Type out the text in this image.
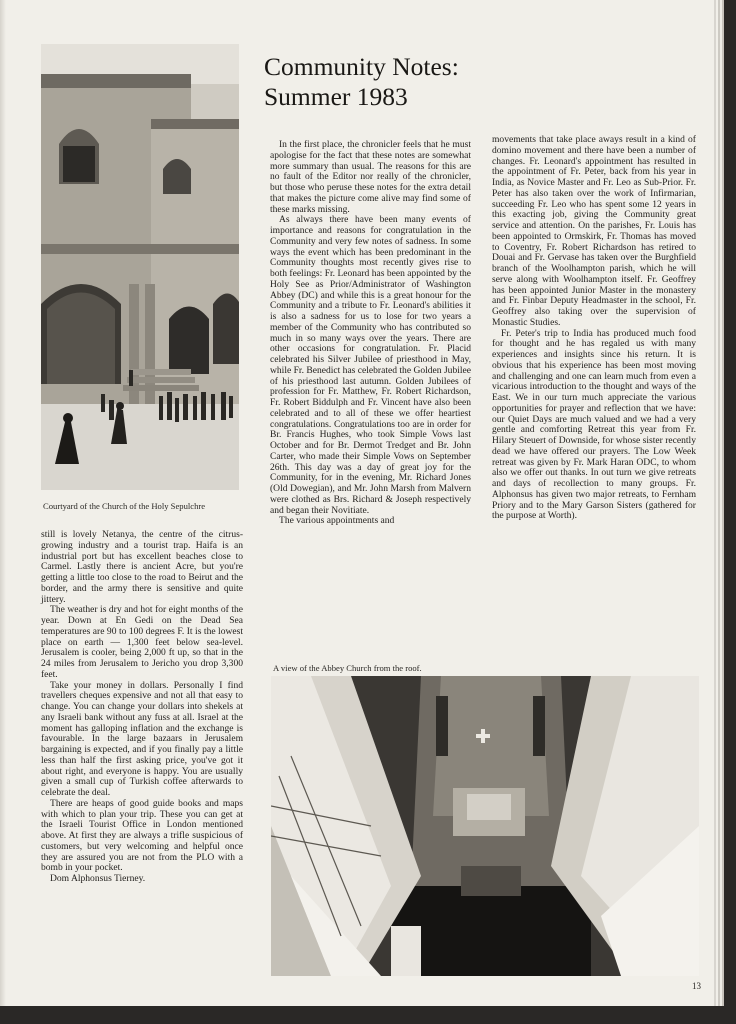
Courtyard of the Church of the Holy Sepulchre
Community Notes:
Summer 1983

still is lovely Netanya, the centre of the citrus-growing industry and a tourist trap. Haifa is an industrial port but has excellent beaches close to Carmel. Lastly there is ancient Acre, but you're getting a little too close to the road to Beirut and the border, and the army there is sensitive and quite jittery.

The weather is dry and hot for eight months of the year. Down at En Gedi on the Dead Sea temperatures are 90 to 100 degrees F. It is the lowest place on earth — 1,300 feet below sea-level. Jerusalem is cooler, being 2,000 ft up, so that in the 24 miles from Jerusalem to Jericho you drop 3,300 feet.

Take your money in dollars. Personally I find travellers cheques expensive and not all that easy to change. You can change your dollars into shekels at any Israeli bank without any fuss at all. Israel at the moment has galloping inflation and the exchange is favourable. In the large bazaars in Jerusalem bargaining is expected, and if you finally pay a little less than half the first asking price, you've got it about right, and everyone is happy. You are usually given a small cup of Turkish coffee afterwards to celebrate the deal.

There are heaps of good guide books and maps with which to plan your trip. These you can get at the Israeli Tourist Office in London mentioned above. At first they are always a trifle suspicious of customers, but very welcoming and helpful once they are assured you are not from the PLO with a bomb in your pocket.

Dom Alphonsus Tierney.

In the first place, the chronicler feels that he must apologise for the fact that these notes are somewhat more summary than usual. The reasons for this are no fault of the Editor nor really of the chronicler, but those who peruse these notes for the extra detail that makes the picture come alive may find some of these marks missing.

As always there have been many events of importance and reasons for congratulation in the Community and very few notes of sadness. In some ways the event which has been predominant in the Community thoughts most recently gives rise to both feelings: Fr. Leonard has been appointed by the Holy See as Prior/Administrator of Washington Abbey (DC) and while this is a great honour for the Community and a tribute to Fr. Leonard's abilities it is also a sadness for us to lose for two years a member of the Community who has contributed so much in so many ways over the years. There are other occasions for congratulation. Fr. Placid celebrated his Silver Jubilee of priesthood in May, while Fr. Benedict has celebrated the Golden Jubilee of his priesthood last autumn. Golden Jubilees of profession for Fr. Matthew, Fr. Robert Richardson, Fr. Robert Biddulph and Fr. Vincent have also been celebrated and to all of these we offer heartiest congratulations. Congratulations too are in order for Br. Francis Hughes, who took Simple Vows last October and for Br. Dermot Tredget and Br. John Carter, who made their Simple Vows on September 26th. This day was a day of great joy for the Community, for in the evening, Mr. Richard Jones (Old Dowegian), and Mr. John Marsh from Malvern were clothed as Brs. Richard & Joseph respectively and began their Novitiate.

The various appointments and

movements that take place aways result in a kind of domino movement and there have been a number of changes. Fr. Leonard's appointment has resulted in the appointment of Fr. Peter, back from his year in India, as Novice Master and Fr. Leo as Sub-Prior. Fr. Peter has also taken over the work of Infirmarian, succeeding Fr. Leo who has spent some 12 years in this exacting job, giving the Community great service and attention. On the parishes, Fr. Louis has been appointed to Ormskirk, Fr. Thomas has moved to Coventry, Fr. Robert Richardson has retired to Douai and Fr. Gervase has taken over the Burghfield branch of the Woolhampton parish, which he will serve along with Woolhampton itself. Fr. Geoffrey has been appointed Junior Master in the monastery and Fr. Finbar Deputy Headmaster in the school, Fr. Geoffrey also taking over the supervision of Monastic Studies.

Fr. Peter's trip to India has produced much food for thought and he has regaled us with many experiences and insights since his return. It is obvious that his experience has been most moving and challenging and one can learn much from even a vicarious introduction to the thought and ways of the East. We in our turn much appreciate the various opportunities for prayer and reflection that we have: our Quiet Days are much valued and we had a very gentle and comforting Retreat this year from Fr. Hilary Steuert of Downside, for whose sister recently dead we have offered our prayers. The Low Week retreat was given by Fr. Mark Haran ODC, to whom also we offer out thanks. In out turn we give retreats and days of recollection to many groups. Fr. Alphonsus has given two major retreats, to Fernham Priory and to the Mary Garson Sisters (gathered for the purpose at Worth).

A view of the Abbey Church from the roof.
13
